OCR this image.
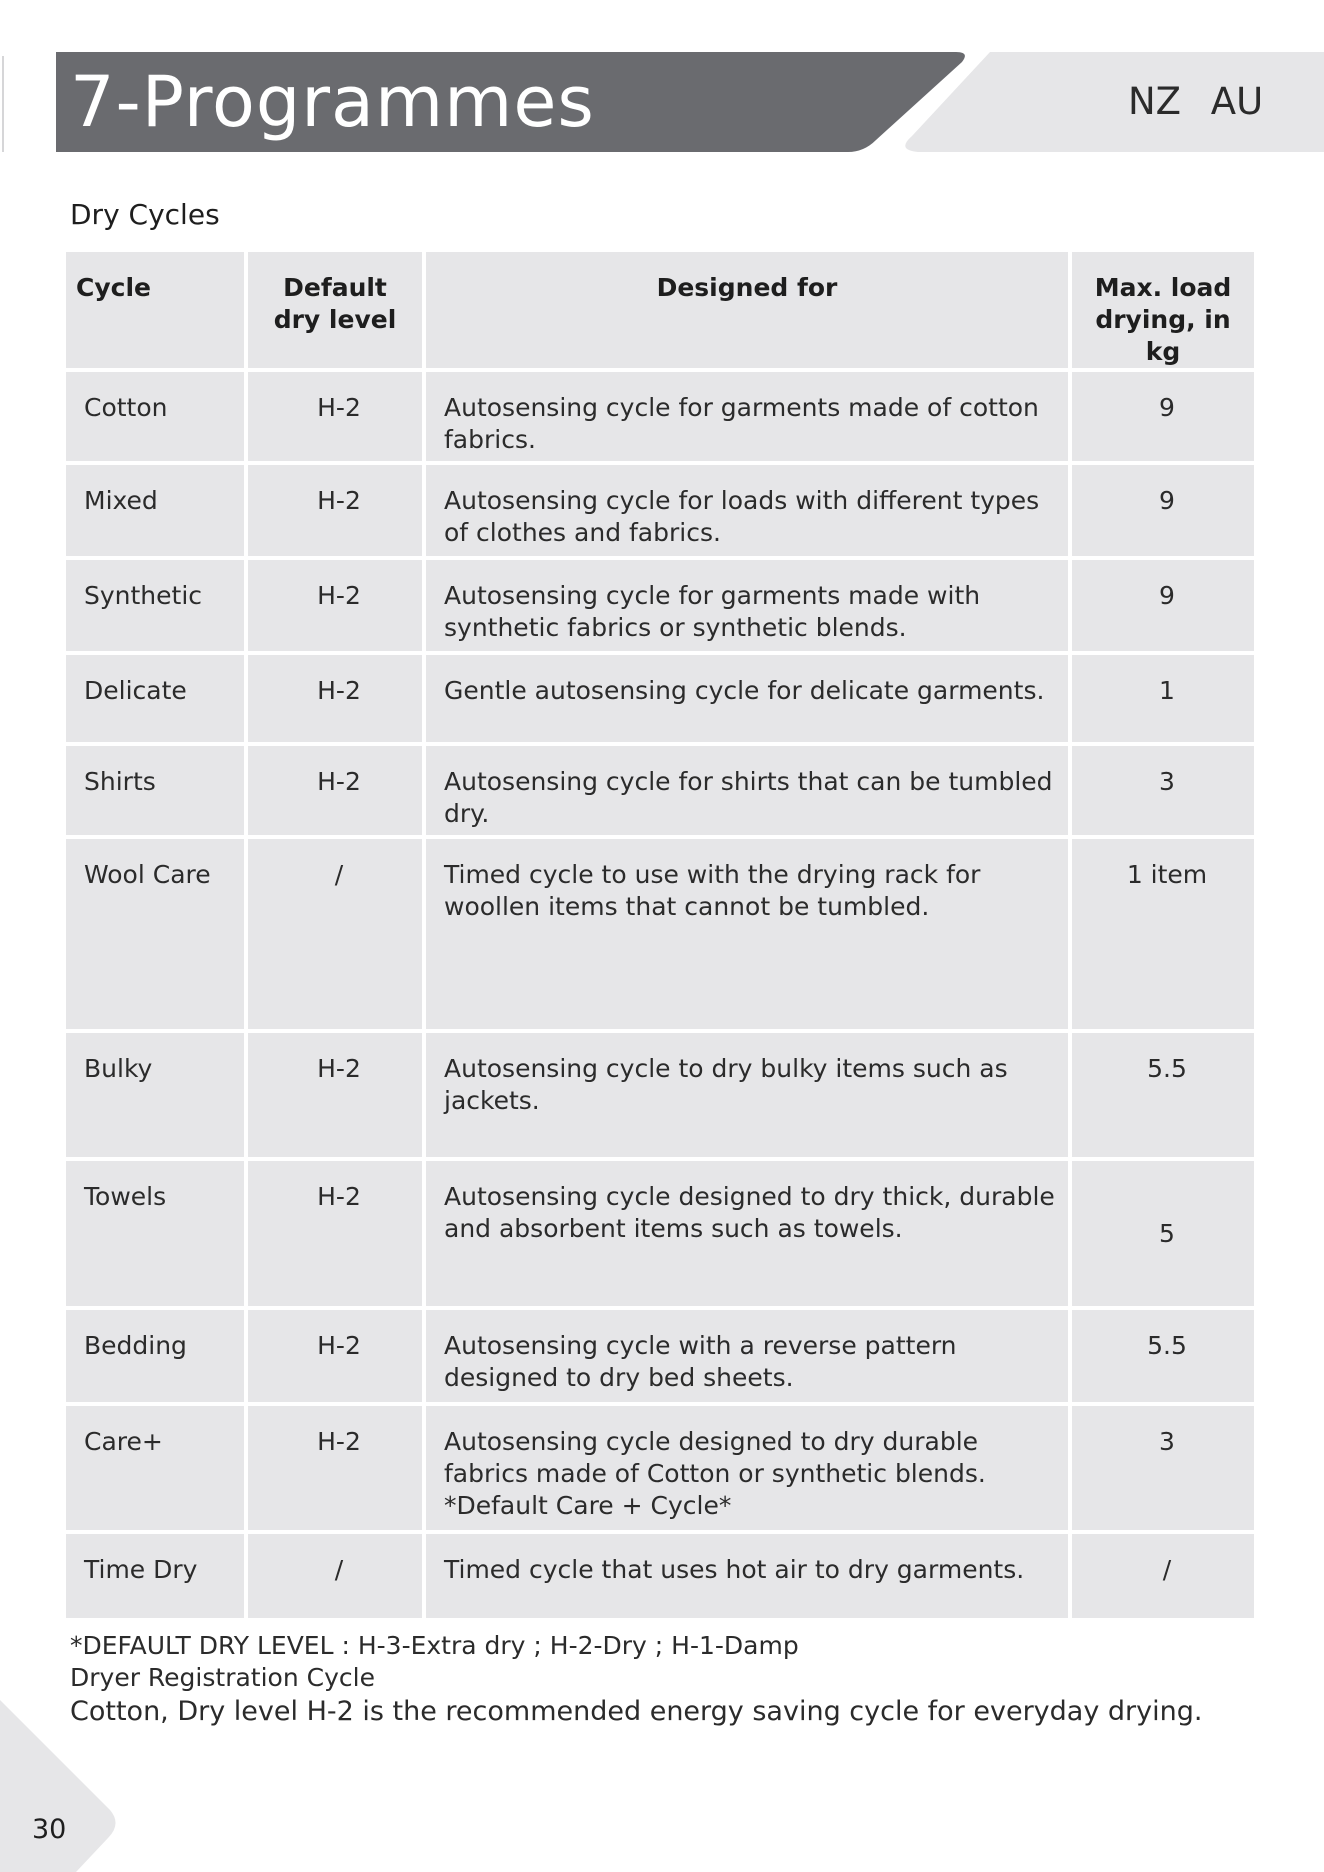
7-Programmes	NZ AU
Dry Cycles
Cycle	Default dry level	Designed for	Max. load drying, in kg
Cotton	H-2	Autosensing cycle for garments made of cotton fabrics.	9
Mixed	H-2	Autosensing cycle for loads with different types of clothes and fabrics.	9
Synthetic	H-2	Autosensing cycle for garments made with synthetic fabrics or synthetic blends.	9
Delicate	H-2	Gentle autosensing cycle for delicate garments.	1
Shirts	H-2	Autosensing cycle for shirts that can be tumbled dry.	3
Wool Care	/	Timed cycle to use with the drying rack for woollen items that cannot be tumbled.	1 item
Bulky	H-2	Autosensing cycle to dry bulky items such as jackets.	5.5
Towels	H-2	Autosensing cycle designed to dry thick, durable and absorbent items such as towels.	5
Bedding	H-2	Autosensing cycle with a reverse pattern designed to dry bed sheets.	5.5
Care+	H-2	Autosensing cycle designed to dry durable fabrics made of Cotton or synthetic blends. *Default Care + Cycle*	3
Time Dry	/	Timed cycle that uses hot air to dry garments.	/
*DEFAULT DRY LEVEL : H-3-Extra dry ; H-2-Dry ; H-1-Damp
Dryer Registration Cycle
Cotton, Dry level H-2 is the recommended energy saving cycle for everyday drying.
30
